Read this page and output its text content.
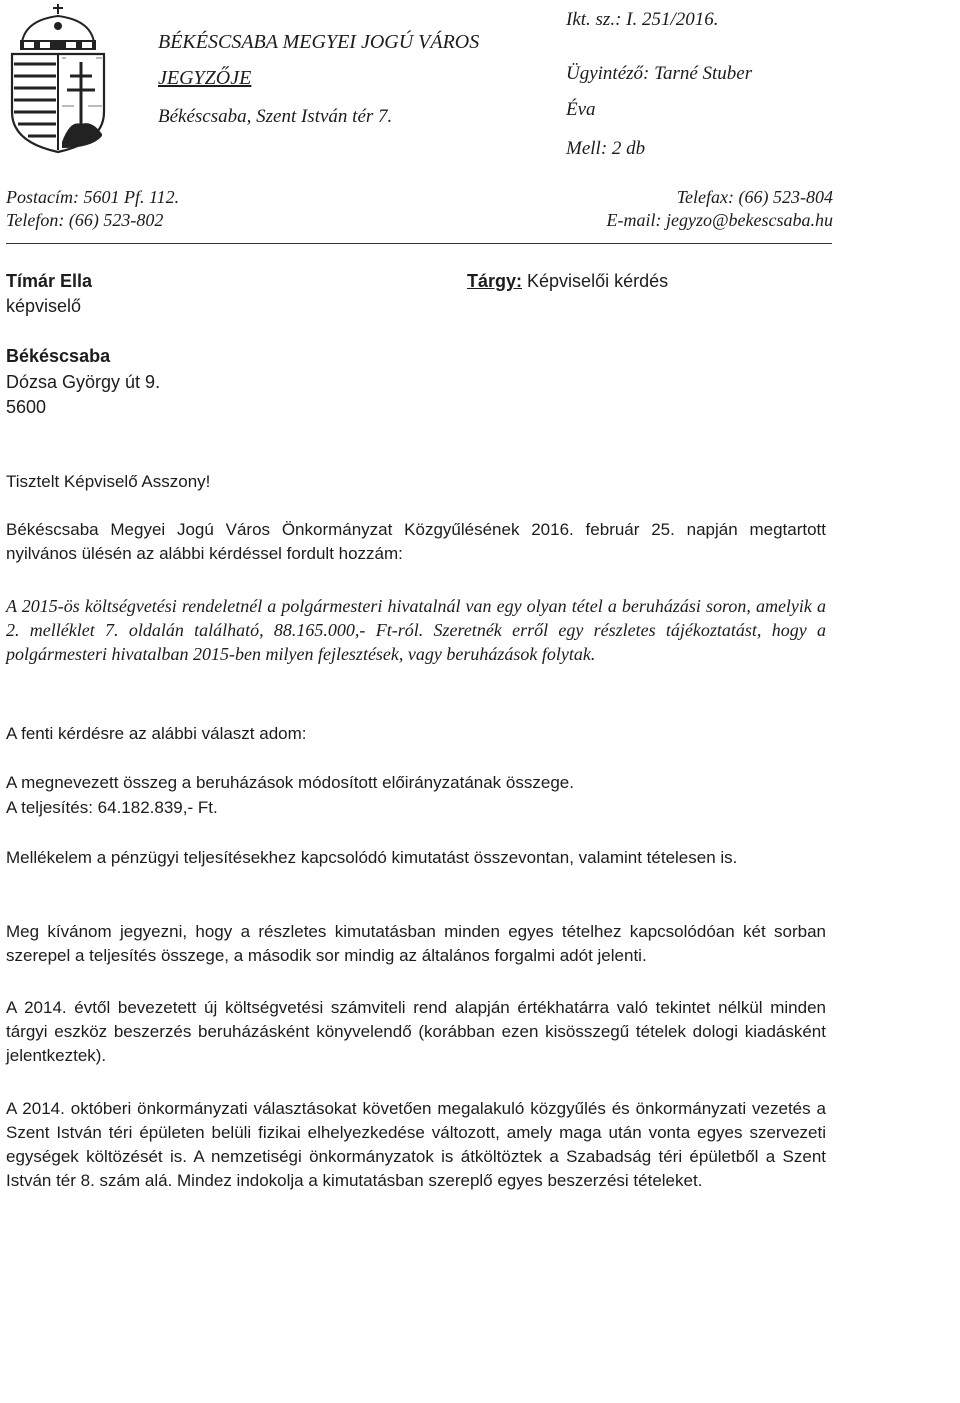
BÉKÉSCSABA MEGYEI JOGÚ VÁROS
JEGYZŐJE
Békéscsaba, Szent István tér 7.
Ikt. sz.: I. 251/2016.
Ügyintéző: Tarné Stuber
Éva
Mell: 2 db
Postacím: 5601 Pf. 112.
Telefon: (66) 523-802
Telefax: (66) 523-804
E-mail: jegyzo@bekescsaba.hu
Tímár Ella
képviselő
Békéscsaba
Dózsa György út 9.
5600
Tárgy: Képviselői kérdés
Tisztelt Képviselő Asszony!

Békéscsaba Megyei Jogú Város Önkormányzat Közgyűlésének 2016. február 25. napján megtartott nyilvános ülésén az alábbi kérdéssel fordult hozzám:

A 2015-ös költségvetési rendeletnél a polgármesteri hivatalnál van egy olyan tétel a beruházási soron, amelyik a 2. melléklet 7. oldalán található, 88.165.000,- Ft-ról. Szeretnék erről egy részletes tájékoztatást, hogy a polgármesteri hivatalban 2015-ben milyen fejlesztések, vagy beruházások folytak.

A fenti kérdésre az alábbi választ adom:
A megnevezett összeg a beruházások módosított előirányzatának összege.
A teljesítés: 64.182.839,- Ft.

Mellékelem a pénzügyi teljesítésekhez kapcsolódó kimutatást összevontan, valamint tételesen is.

Meg kívánom jegyezni, hogy a részletes kimutatásban minden egyes tételhez kapcsolódóan két sorban szerepel a teljesítés összege, a második sor mindig az általános forgalmi adót jelenti.

A 2014. évtől bevezetett új költségvetési számviteli rend alapján értékhatárra való tekintet nélkül minden tárgyi eszköz beszerzés beruházásként könyvelendő (korábban ezen kisösszegű tételek dologi kiadásként jelentkeztek).

A 2014. októberi önkormányzati választásokat követően megalakuló közgyűlés és önkormányzati vezetés a Szent István téri épületen belüli fizikai elhelyezkedése változott, amely maga után vonta egyes szervezeti egységek költözését is. A nemzetiségi önkormányzatok is átköltöztek a Szabadság téri épületből a Szent István tér 8. szám alá. Mindez indokolja a kimutatásban szereplő egyes beszerzési tételeket.
